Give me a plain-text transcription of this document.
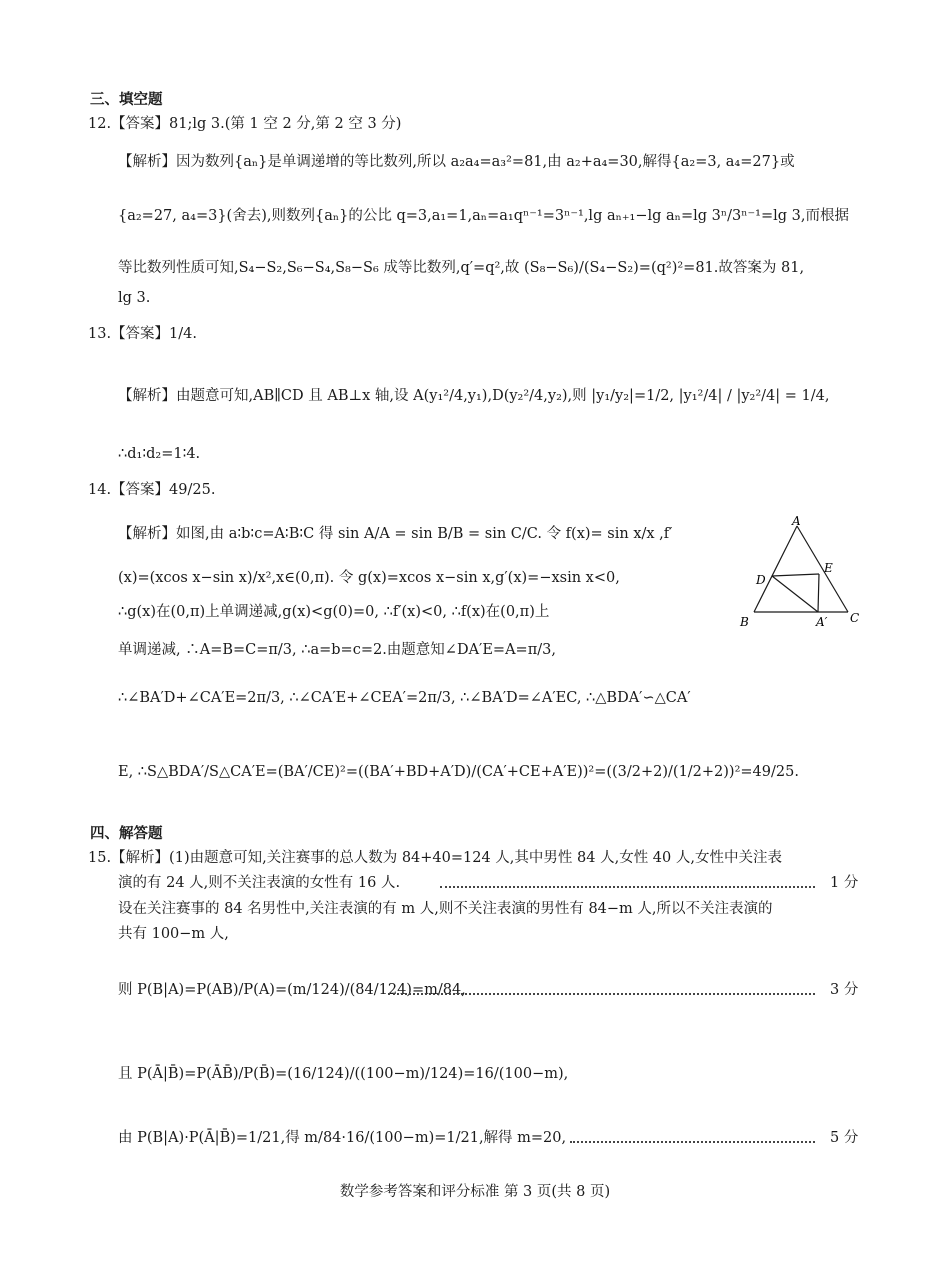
三、填空题
12.【答案】81;lg 3.(第 1 空 2 分,第 2 空 3 分)
【解析】因为数列{aₙ}是单调递增的等比数列,所以 a₂a₄=a₃²=81,由 a₂+a₄=30,解得{a₂=3, a₄=27}或
{a₂=27, a₄=3}(舍去),则数列{aₙ}的公比 q=3,a₁=1,aₙ=a₁qⁿ⁻¹=3ⁿ⁻¹,lg aₙ₊₁−lg aₙ=lg 3ⁿ/3ⁿ⁻¹=lg 3,而根据
等比数列性质可知,S₄−S₂,S₆−S₄,S₈−S₆ 成等比数列,q′=q²,故 (S₈−S₆)/(S₄−S₂)=(q²)²=81.故答案为 81,
lg 3.
13.【答案】1/4.
【解析】由题意可知,AB∥CD 且 AB⊥x 轴,设 A(y₁²/4,y₁),D(y₂²/4,y₂),则 |y₁/y₂|=1/2, |y₁²/4| / |y₂²/4| = 1/4,
∴d₁∶d₂=1∶4.
14.【答案】49/25.
【解析】如图,由 a∶b∶c=A∶B∶C 得 sin A/A = sin B/B = sin C/C. 令 f(x)= sin x/x ,f′
(x)=(xcos x−sin x)/x²,x∈(0,π). 令 g(x)=xcos x−sin x,g′(x)=−xsin x<0,
∴g(x)在(0,π)上单调递减,g(x)<g(0)=0, ∴f′(x)<0, ∴f(x)在(0,π)上
单调递减, ∴A=B=C=π/3, ∴a=b=c=2.由题意知∠DA′E=A=π/3,
∴∠BA′D+∠CA′E=2π/3, ∴∠CA′E+∠CEA′=2π/3, ∴∠BA′D=∠A′EC, ∴△BDA′∽△CA′
E, ∴S△BDA′/S△CA′E=(BA′/CE)²=((BA′+BD+A′D)/(CA′+CE+A′E))²=((3/2+2)/(1/2+2))²=49/25.
A
B	C
D
E
A′
四、解答题
15.【解析】(1)由题意可知,关注赛事的总人数为 84+40=124 人,其中男性 84 人,女性 40 人,女性中关注表
演的有 24 人,则不关注表演的女性有 16 人.	1 分
设在关注赛事的 84 名男性中,关注表演的有 m 人,则不关注表演的男性有 84−m 人,所以不关注表演的
共有 100−m 人,
则 P(B|A)=P(AB)/P(A)=(m/124)/(84/124)=m/84,	3 分
且 P(Ā|B̄)=P(ĀB̄)/P(B̄)=(16/124)/((100−m)/124)=16/(100−m),
由 P(B|A)·P(Ā|B̄)=1/21,得 m/84·16/(100−m)=1/21,解得 m=20,	5 分
数学参考答案和评分标准 第 3 页(共 8 页)
